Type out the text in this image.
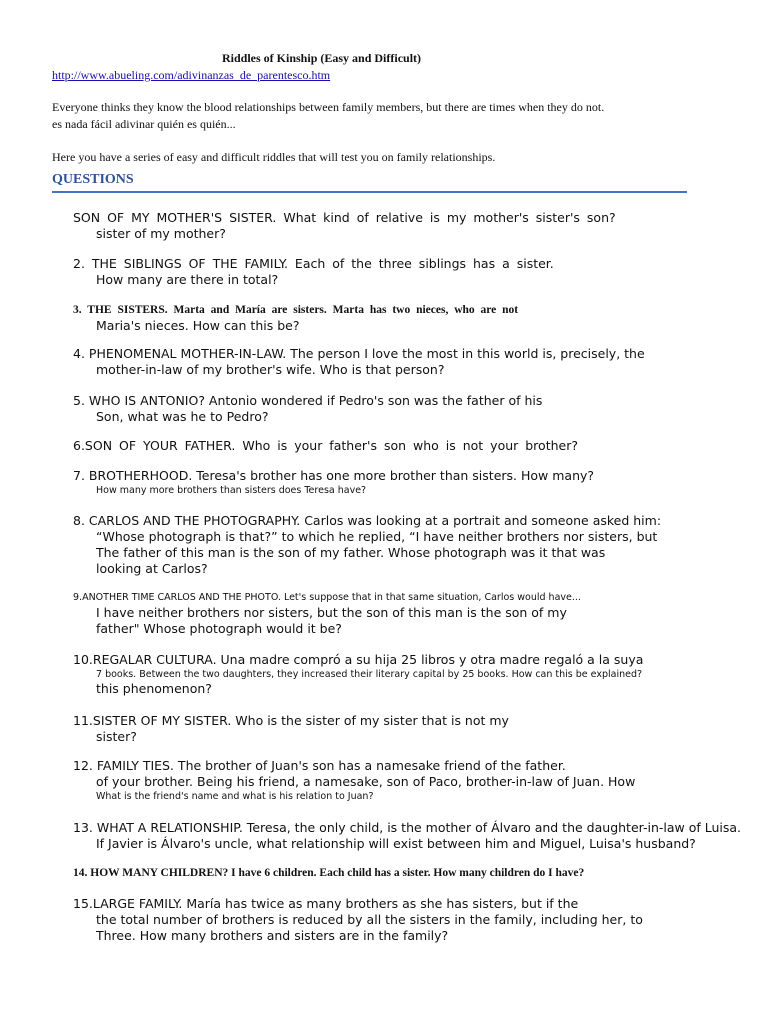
Riddles of Kinship (Easy and Difficult)
http://www.abueling.com/adivinanzas_de_parentesco.htm
Everyone thinks they know the blood relationships between family members, but there are times when they do not.
es nada fácil adivinar quién es quién...
Here you have a series of easy and difficult riddles that will test you on family relationships.
QUESTIONS
SON OF MY MOTHER'S SISTER. What kind of relative is my mother's sister's son?
sister of my mother?
2. THE SIBLINGS OF THE FAMILY. Each of the three siblings has a sister.
How many are there in total?
3. THE SISTERS. Marta and María are sisters. Marta has two nieces, who are not
Maria's nieces. How can this be?
4. PHENOMENAL MOTHER-IN-LAW. The person I love the most in this world is, precisely, the
mother-in-law of my brother's wife. Who is that person?
5. WHO IS ANTONIO? Antonio wondered if Pedro's son was the father of his
Son, what was he to Pedro?
6.SON OF YOUR FATHER. Who is your father's son who is not your brother?
7. BROTHERHOOD. Teresa's brother has one more brother than sisters. How many?
How many more brothers than sisters does Teresa have?
8. CARLOS AND THE PHOTOGRAPHY. Carlos was looking at a portrait and someone asked him:
“Whose photograph is that?” to which he replied, “I have neither brothers nor sisters, but
The father of this man is the son of my father. Whose photograph was it that was
looking at Carlos?
9.ANOTHER TIME CARLOS AND THE PHOTO. Let's suppose that in that same situation, Carlos would have...
I have neither brothers nor sisters, but the son of this man is the son of my
father" Whose photograph would it be?
10.REGALAR CULTURA. Una madre compró a su hija 25 libros y otra madre regaló a la suya
7 books. Between the two daughters, they increased their literary capital by 25 books. How can this be explained?
this phenomenon?
11.SISTER OF MY SISTER. Who is the sister of my sister that is not my
sister?
12. FAMILY TIES. The brother of Juan's son has a namesake friend of the father.
of your brother. Being his friend, a namesake, son of Paco, brother-in-law of Juan. How
What is the friend's name and what is his relation to Juan?
13. WHAT A RELATIONSHIP. Teresa, the only child, is the mother of Álvaro and the daughter-in-law of Luisa.
If Javier is Álvaro's uncle, what relationship will exist between him and Miguel, Luisa's husband?
14. HOW MANY CHILDREN? I have 6 children. Each child has a sister. How many children do I have?
15.LARGE FAMILY. María has twice as many brothers as she has sisters, but if the
the total number of brothers is reduced by all the sisters in the family, including her, to
Three. How many brothers and sisters are in the family?
